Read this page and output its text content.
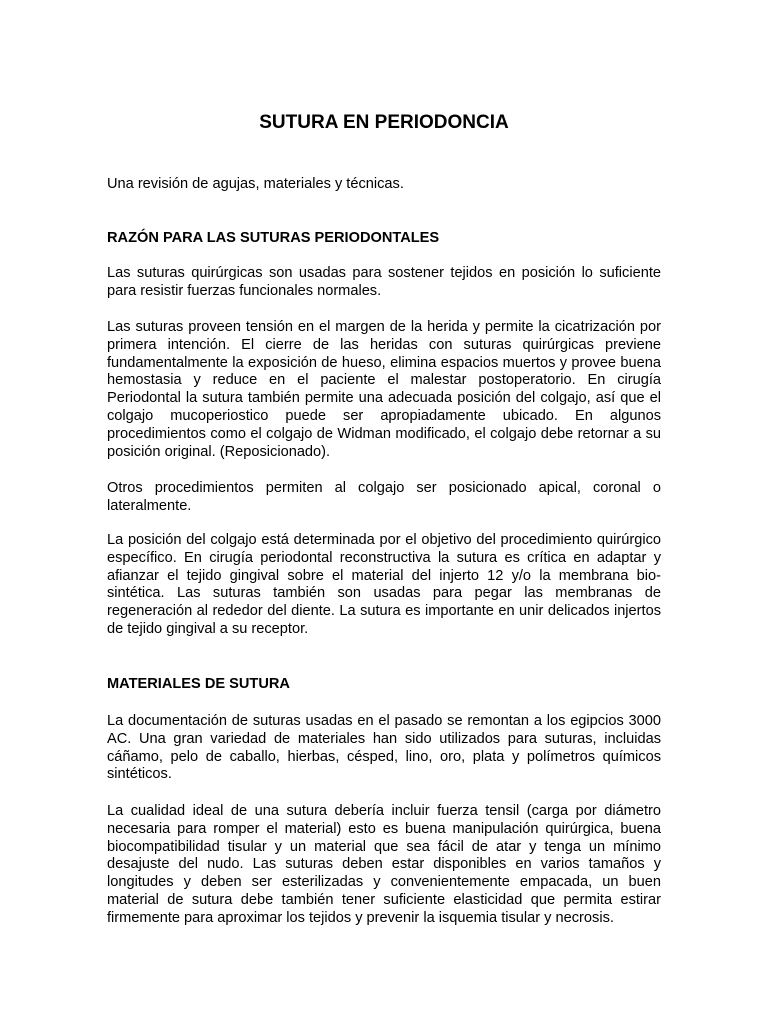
SUTURA EN PERIODONCIA

Una revisión de agujas, materiales y técnicas.

RAZÓN PARA LAS SUTURAS PERIODONTALES

Las suturas quirúrgicas son usadas para sostener tejidos en posición lo suficiente para resistir fuerzas funcionales normales.

Las suturas proveen tensión en el margen de la herida y permite la cicatrización por primera intención. El cierre de las heridas con suturas quirúrgicas previene fundamentalmente la exposición de hueso, elimina espacios muertos y provee buena hemostasia y reduce en el paciente el malestar postoperatorio. En cirugía Periodontal la sutura también permite una adecuada posición del colgajo, así que el colgajo mucoperiostico puede ser apropiadamente ubicado. En algunos procedimientos como el colgajo de Widman modificado, el colgajo debe retornar a su posición original. (Reposicionado).

Otros procedimientos permiten al colgajo ser posicionado apical, coronal o lateralmente.

La posición del colgajo está determinada por el objetivo del procedimiento quirúrgico específico. En cirugía periodontal reconstructiva la sutura es crítica en adaptar y afianzar el tejido gingival sobre el material del injerto 12 y/o la membrana bio-sintética. Las suturas también son usadas para pegar las membranas de regeneración al rededor del diente. La sutura es importante en unir delicados injertos de tejido gingival a su receptor.

MATERIALES DE SUTURA

La documentación de suturas usadas en el pasado se remontan a los egipcios 3000 AC. Una gran variedad de materiales han sido utilizados para suturas, incluidas cáñamo, pelo de caballo, hierbas, césped, lino, oro, plata y polímetros químicos sintéticos.

La cualidad ideal de una sutura debería incluir fuerza tensil (carga por diámetro necesaria para romper el material) esto es buena manipulación quirúrgica, buena biocompatibilidad tisular y un material que sea fácil de atar y tenga un mínimo desajuste del nudo. Las suturas deben estar disponibles en varios tamaños y longitudes y deben ser esterilizadas y convenientemente empacada, un buen material de sutura debe también tener suficiente elasticidad que permita estirar firmemente para aproximar los tejidos y prevenir la isquemia tisular y necrosis.
